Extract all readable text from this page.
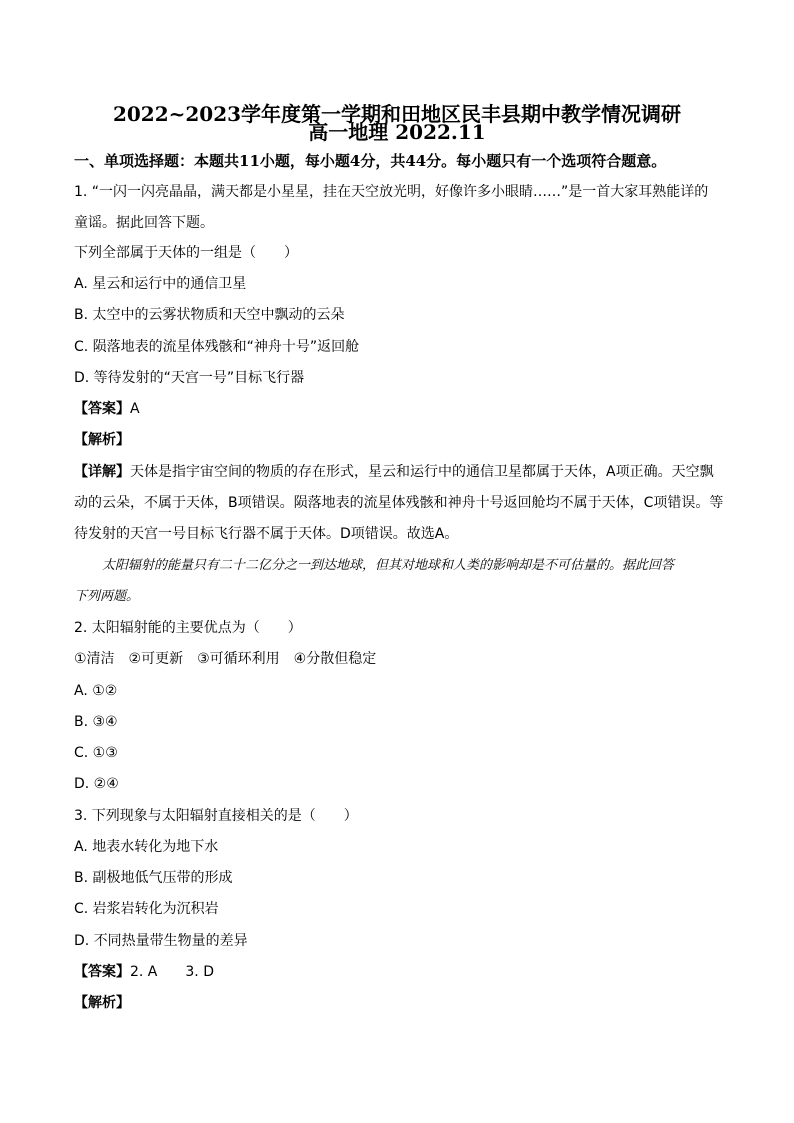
2022~2023学年度第一学期和田地区民丰县期中教学情况调研
高一地理 2022.11
一、单项选择题：本题共11小题，每小题4分，共44分。每小题只有一个选项符合题意。
1. “一闪一闪亮晶晶，满天都是小星星，挂在天空放光明，好像许多小眼睛……”是一首大家耳熟能详的
童谣。据此回答下题。
下列全部属于天体的一组是（　　）
A. 星云和运行中的通信卫星
B. 太空中的云雾状物质和天空中飘动的云朵
C. 陨落地表的流星体残骸和“神舟十号”返回舱
D. 等待发射的“天宫一号”目标飞行器
【答案】A
【解析】
【详解】天体是指宇宙空间的物质的存在形式，星云和运行中的通信卫星都属于天体，A项正确。天空飘
动的云朵，不属于天体，B项错误。陨落地表的流星体残骸和神舟十号返回舱均不属于天体，C项错误。等
待发射的天宫一号目标飞行器不属于天体。D项错误。故选A。
太阳辐射的能量只有二十二亿分之一到达地球，但其对地球和人类的影响却是不可估量的。据此回答
下列两题。
2. 太阳辐射能的主要优点为（　　）
①清洁　②可更新　③可循环利用　④分散但稳定
A. ①②
B. ③④
C. ①③
D. ②④
3. 下列现象与太阳辐射直接相关的是（　　）
A. 地表水转化为地下水
B. 副极地低气压带的形成
C. 岩浆岩转化为沉积岩
D. 不同热量带生物量的差异
【答案】2. A　　3. D
【解析】
